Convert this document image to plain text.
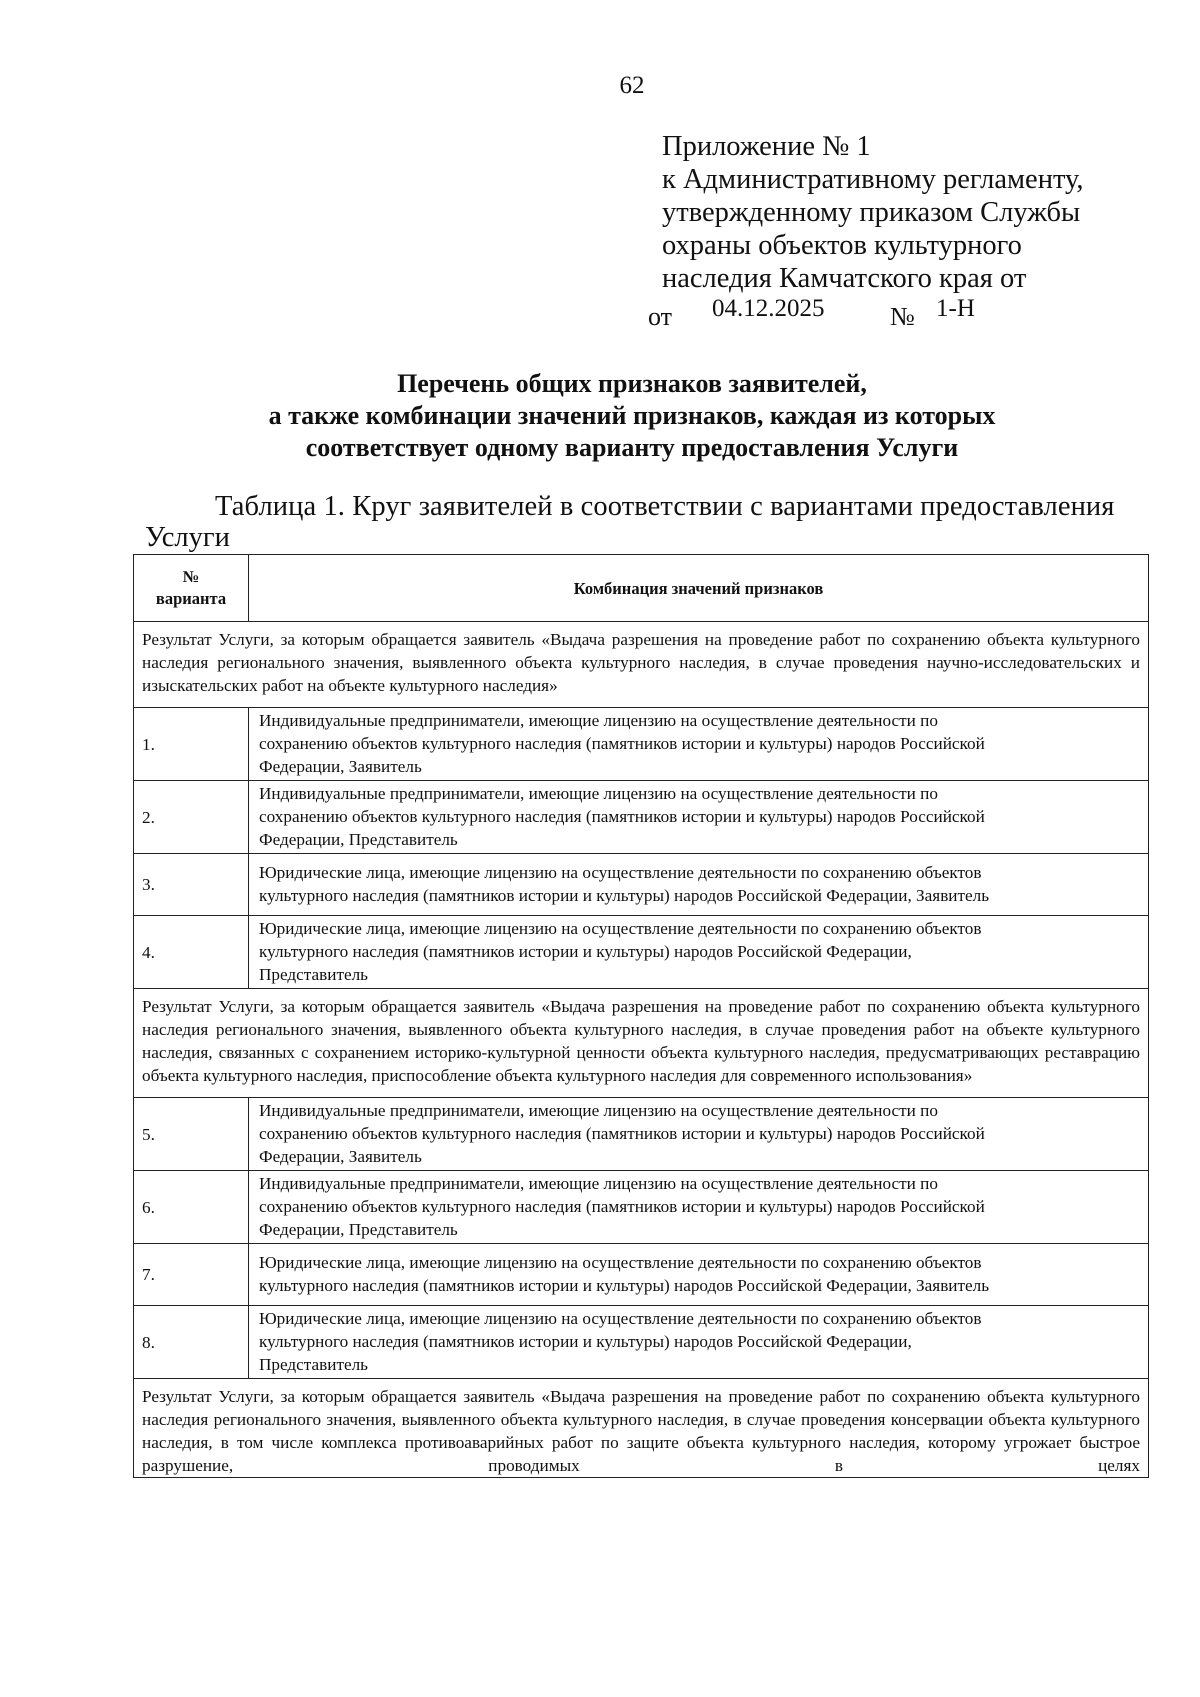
62
Приложение № 1
к Административному регламенту,
утвержденному приказом Службы
охраны объектов культурного
наследия Камчатского края от
от 04.12.2025	№ 1-Н
Перечень общих признаков заявителей,
а также комбинации значений признаков, каждая из которых
соответствует одному варианту предоставления Услуги
Таблица 1. Круг заявителей в соответствии с вариантами предоставления
Услуги
№
варианта	Комбинация значений признаков
Результат Услуги, за которым обращается заявитель «Выдача разрешения на проведение работ по сохранению объекта культурного наследия регионального значения, выявленного объекта культурного наследия, в случае проведения научно-исследовательских и изыскательских работ на объекте культурного наследия»	
1.	Индивидуальные предприниматели, имеющие лицензию на осуществление деятельности по
сохранению объектов культурного наследия (памятников истории и культуры) народов Российской
Федерации, Заявитель

2.	Индивидуальные предприниматели, имеющие лицензию на осуществление деятельности по
сохранению объектов культурного наследия (памятников истории и культуры) народов Российской
Федерации, Представитель

3.	Юридические лица, имеющие лицензию на осуществление деятельности по сохранению объектов
культурного наследия (памятников истории и культуры) народов Российской Федерации, Заявитель

4.	Юридические лица, имеющие лицензию на осуществление деятельности по сохранению объектов
культурного наследия (памятников истории и культуры) народов Российской Федерации,
Представитель

Результат Услуги, за которым обращается заявитель «Выдача разрешения на проведение работ по сохранению объекта культурного наследия регионального значения, выявленного объекта культурного наследия, в случае проведения работ на объекте культурного наследия, связанных с сохранением историко-культурной ценности объекта культурного наследия, предусматривающих реставрацию объекта культурного наследия, приспособление объекта культурного наследия для современного использования»	
5.	Индивидуальные предприниматели, имеющие лицензию на осуществление деятельности по
сохранению объектов культурного наследия (памятников истории и культуры) народов Российской
Федерации, Заявитель

6.	Индивидуальные предприниматели, имеющие лицензию на осуществление деятельности по
сохранению объектов культурного наследия (памятников истории и культуры) народов Российской
Федерации, Представитель

7.	Юридические лица, имеющие лицензию на осуществление деятельности по сохранению объектов
культурного наследия (памятников истории и культуры) народов Российской Федерации, Заявитель

8.	Юридические лица, имеющие лицензию на осуществление деятельности по сохранению объектов
культурного наследия (памятников истории и культуры) народов Российской Федерации,
Представитель

Результат Услуги, за которым обращается заявитель «Выдача разрешения на проведение работ по сохранению объекта культурного наследия регионального значения, выявленного объекта культурного наследия, в случае проведения консервации объекта культурного наследия, в том числе комплекса противоаварийных работ по защите объекта культурного наследия, которому угрожает быстрое разрушение, проводимых в целях	
